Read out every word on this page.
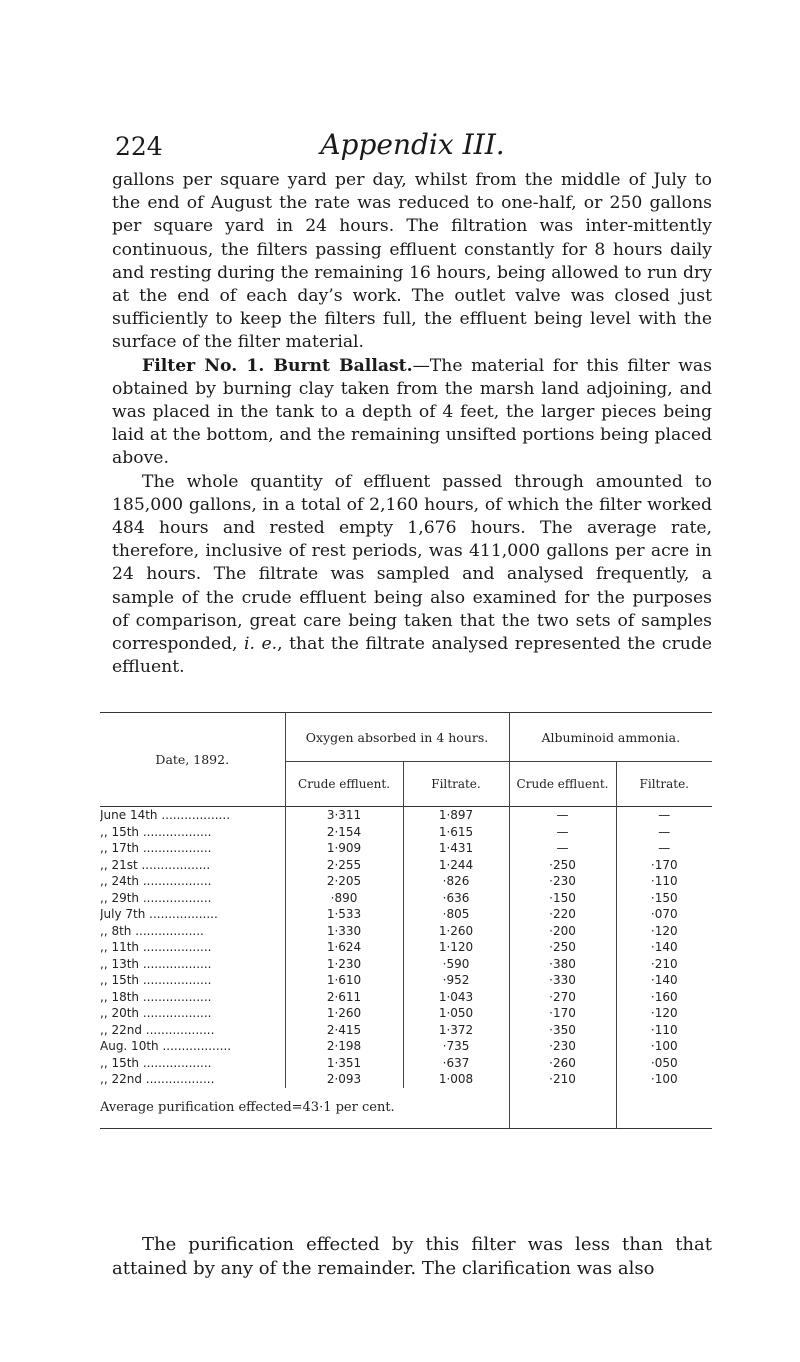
224	Appendix III.

gallons per square yard per day, whilst from the middle of July to the end of August the rate was reduced to one-half, or 250 gallons per square yard in 24 hours. The filtration was inter-mittently continuous, the filters passing effluent constantly for 8 hours daily and resting during the remaining 16 hours, being allowed to run dry at the end of each day’s work. The outlet valve was closed just sufficiently to keep the filters full, the effluent being level with the surface of the filter material.

Filter No. 1. Burnt Ballast.—The material for this filter was obtained by burning clay taken from the marsh land adjoining, and was placed in the tank to a depth of 4 feet, the larger pieces being laid at the bottom, and the remaining unsifted portions being placed above.

The whole quantity of effluent passed through amounted to 185,000 gallons, in a total of 2,160 hours, of which the filter worked 484 hours and rested empty 1,676 hours. The average rate, therefore, inclusive of rest periods, was 411,000 gallons per acre in 24 hours. The filtrate was sampled and analysed frequently, a sample of the crude effluent being also examined for the purposes of comparison, great care being taken that the two sets of samples corresponded, i. e., that the filtrate analysed represented the crude effluent.

Date, 1892.	Oxygen absorbed in 4 hours.		Albuminoid ammonia.	
	Crude effluent.	Filtrate.	Crude effluent.	Filtrate.
June 14th ..................	3·311	1·897	—	—
,, 15th ..................	2·154	1·615	—	—
,, 17th ..................	1·909	1·431	—	—
,, 21st ..................	2·255	1·244	·250	·170
,, 24th ..................	2·205	·826	·230	·110
,, 29th ..................	·890	·636	·150	·150
July 7th ..................	1·533	·805	·220	·070
,, 8th ..................	1·330	1·260	·200	·120
,, 11th ..................	1·624	1·120	·250	·140
,, 13th ..................	1·230	·590	·380	·210
,, 15th ..................	1·610	·952	·330	·140
,, 18th ..................	2·611	1·043	·270	·160
,, 20th ..................	1·260	1·050	·170	·120
,, 22nd ..................	2·415	1·372	·350	·110
Aug. 10th ..................	2·198	·735	·230	·100
,, 15th ..................	1·351	·637	·260	·050
,, 22nd ..................	2·093	1·008	·210	·100
Average purification effected=43·1 per cent.				

The purification effected by this filter was less than that attained by any of the remainder. The clarification was also
